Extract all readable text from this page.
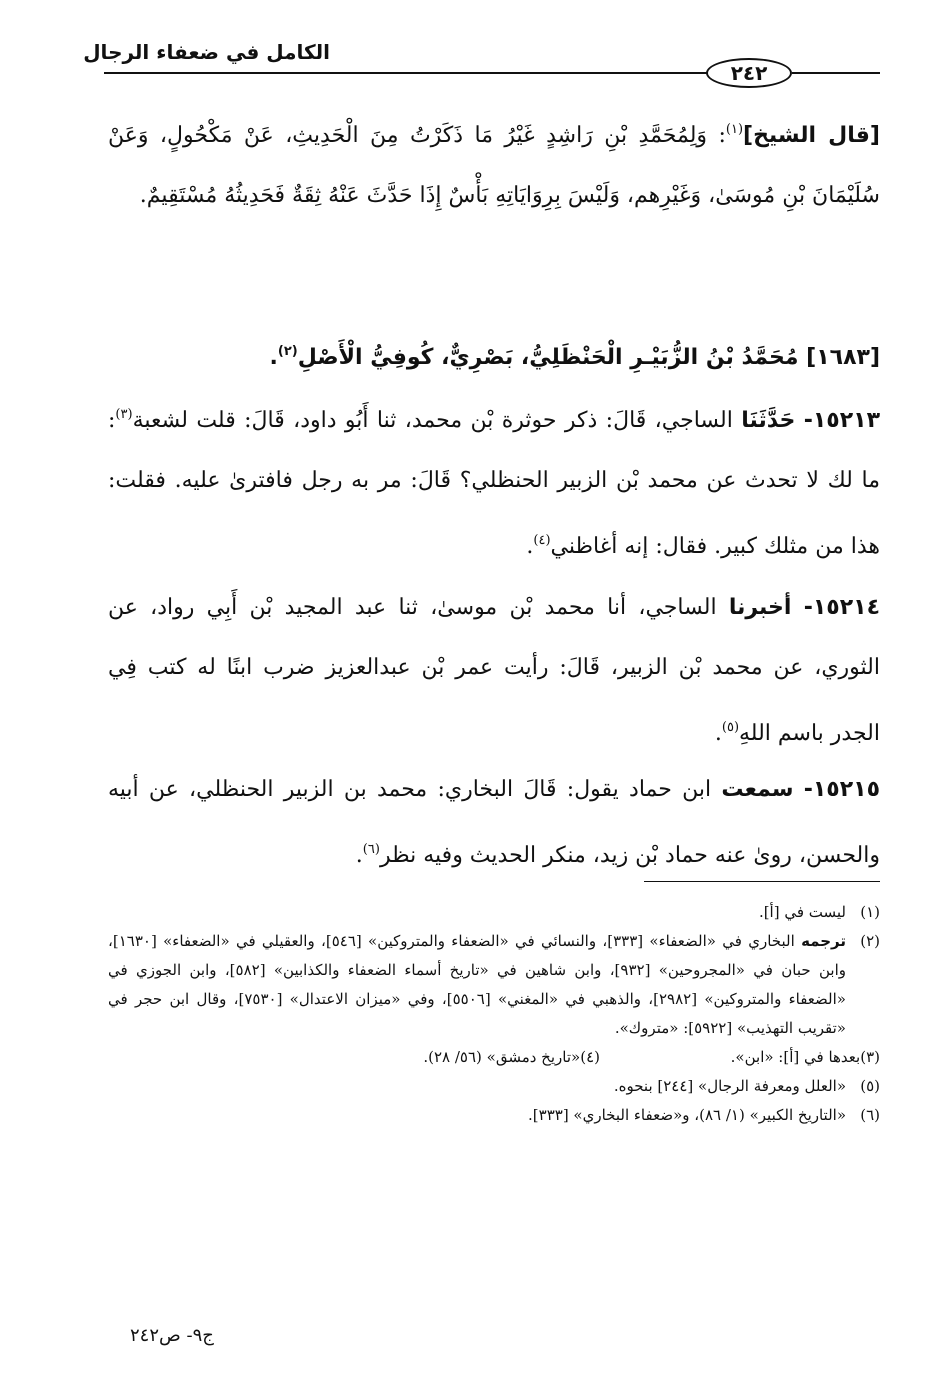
الكامل في ضعفاء الرجال
٢٤٢
[قال الشيخ]$^{(١)}$: وَلِمُحَمَّدِ بْنِ رَاشِدٍ غَيْرُ مَا ذَكَرْتُ مِنَ الْحَدِيثِ، عَنْ مَكْحُولٍ، وَعَنْ سُلَيْمَانَ بْنِ مُوسَىٰ، وَغَيْرِهم، وَلَيْسَ بِرِوَايَاتِهِ بَأْسٌ إِذَا حَدَّثَ عَنْهُ ثِقَةٌ فَحَدِيثُهُ مُسْتَقِيمٌ.
[١٦٨٣] مُحَمَّدُ بْنُ الزُّبَيْـرِ الْحَنْظَلِيُّ، بَصْرِيٌّ، كُوفِيُّ الْأَصْلِ$^{(٢)}$.
١٥٢١٣- حَدَّثَنَا الساجي، قَالَ: ذكر حوثرة بْن محمد، ثنا أَبُو داود، قَالَ: قلت لشعبة$^{(٣)}$: ما لك لا تحدث عن محمد بْن الزبير الحنظلي؟ قَالَ: مر به رجل فافترىٰ عليه. فقلت: هذا من مثلك كبير. فقال: إنه أغاظني$^{(٤)}$.
١٥٢١٤- أخبرنا الساجي، أنا محمد بْن موسىٰ، ثنا عبد المجيد بْن أَبِي رواد، عن الثوري، عن محمد بْن الزبير، قَالَ: رأيت عمر بْن عبدالعزيز ضرب ابنًا له كتب فِي الجدر باسم اللهِ$^{(٥)}$.
١٥٢١٥- سمعت ابن حماد يقول: قَالَ البخاري: محمد بن الزبير الحنظلي، عن أبيه والحسن، روىٰ عنه حماد بْن زيد، منكر الحديث وفيه نظر$^{(٦)}$.
(١)
ليست في [أ].
(٢)
ترجمه البخاري في «الضعفاء» [٣٣٣]، والنسائي في «الضعفاء والمتروكين» [٥٤٦]، والعقيلي في «الضعفاء» [١٦٣٠]، وابن حبان في «المجروحين» [٩٣٢]، وابن شاهين في «تاريخ أسماء الضعفاء والكذابين» [٥٨٢]، وابن الجوزي في «الضعفاء والمتروكين» [٢٩٨٢]، والذهبي في «المغني» [٥٥٠٦]، وفي «ميزان الاعتدال» [٧٥٣٠]، وقال ابن حجر في «تقريب التهذيب» [٥٩٢٢]: «متروك».
(٣)
بعدها في [أ]: «ابن».
(٤)
«تاريخ دمشق» (٥٦/ ٢٨).
(٥)
«العلل ومعرفة الرجال» [٢٤٤] بنحوه.
(٦)
«التاريخ الكبير» (١/ ٨٦)، و«ضعفاء البخاري» [٣٣٣].
ج٩- ص٢٤٢
